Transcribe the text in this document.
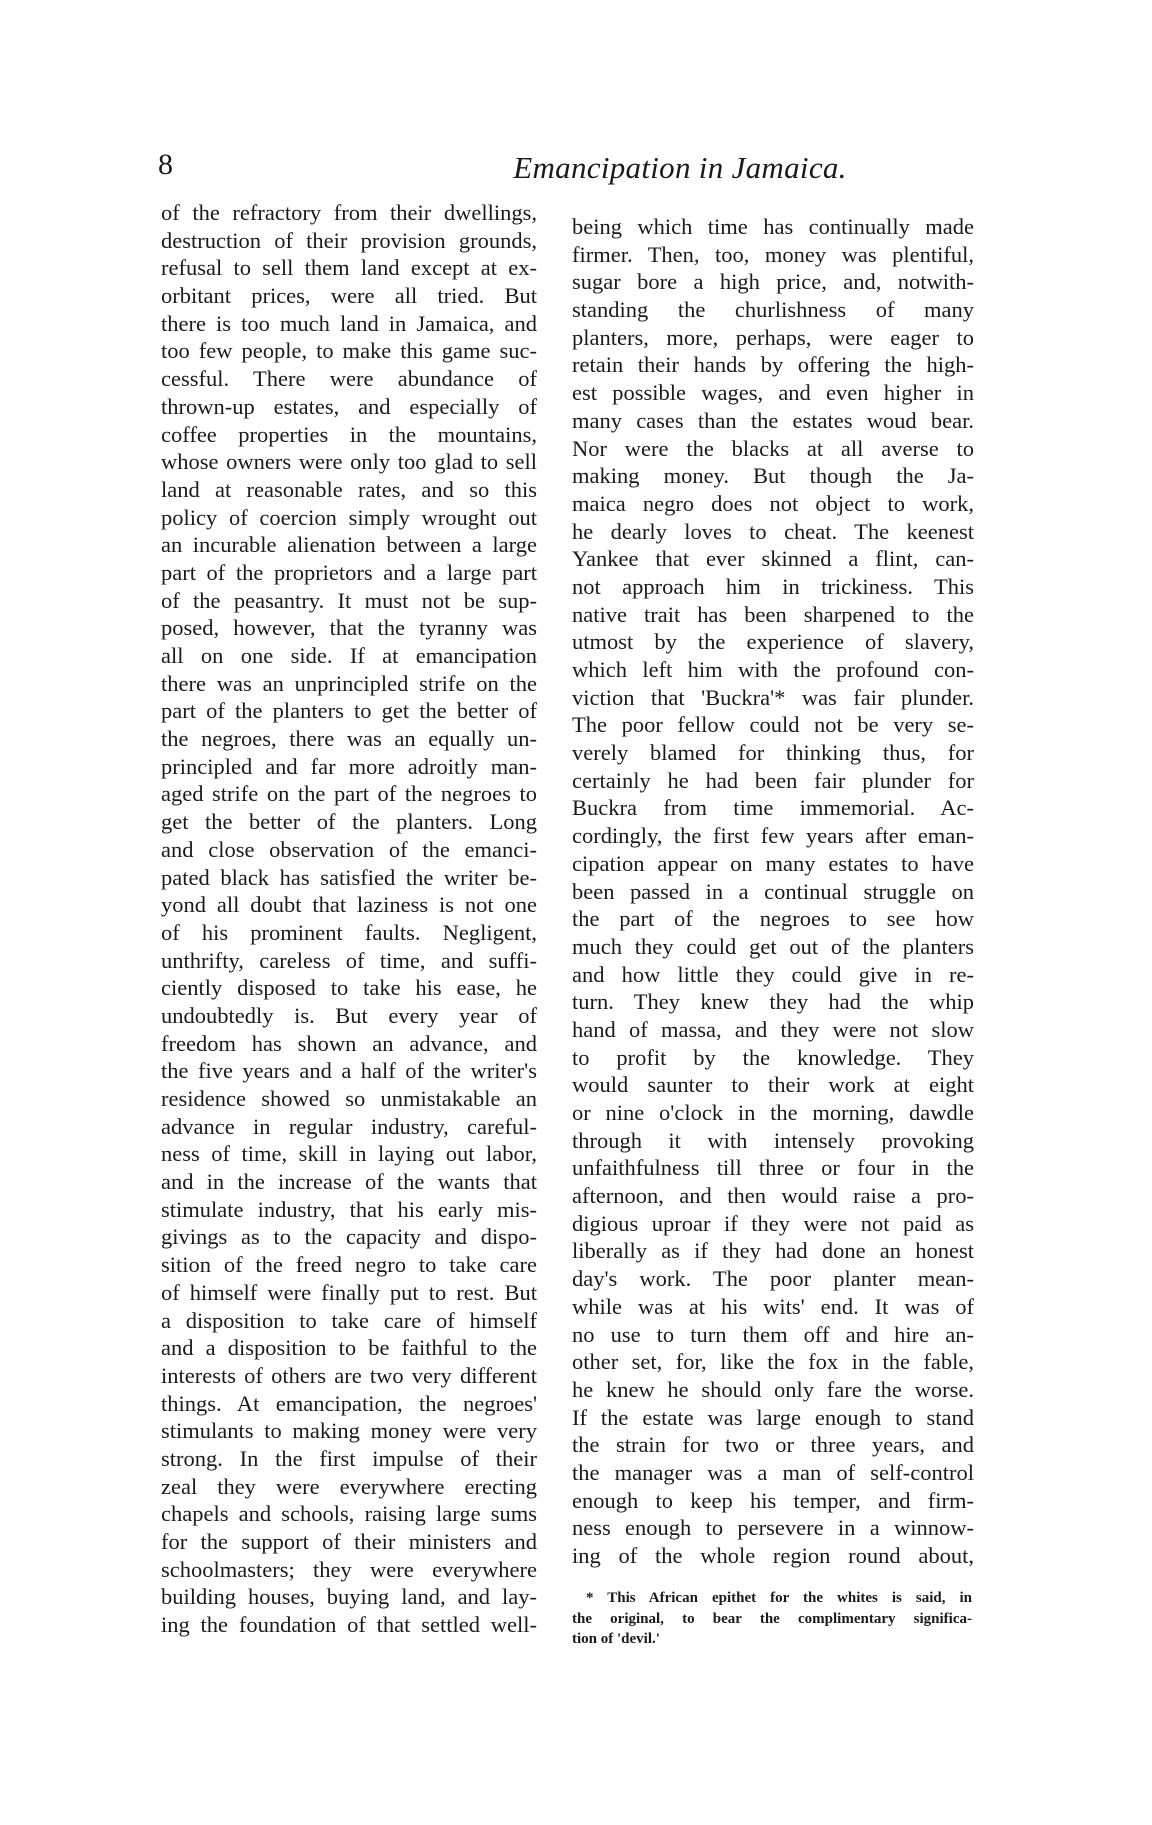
8	Emancipation in Jamaica.
of the refractory from their dwellings,
destruction of their provision grounds,
refusal to sell them land except at ex-
orbitant prices, were all tried. But
there is too much land in Jamaica, and
too few people, to make this game suc-
cessful. There were abundance of
thrown-up estates, and especially of
coffee properties in the mountains,
whose owners were only too glad to sell
land at reasonable rates, and so this
policy of coercion simply wrought out
an incurable alienation between a large
part of the proprietors and a large part
of the peasantry. It must not be sup-
posed, however, that the tyranny was
all on one side. If at emancipation
there was an unprincipled strife on the
part of the planters to get the better of
the negroes, there was an equally un-
principled and far more adroitly man-
aged strife on the part of the negroes to
get the better of the planters. Long
and close observation of the emanci-
pated black has satisfied the writer be-
yond all doubt that laziness is not one
of his prominent faults. Negligent,
unthrifty, careless of time, and suffi-
ciently disposed to take his ease, he
undoubtedly is. But every year of
freedom has shown an advance, and
the five years and a half of the writer's
residence showed so unmistakable an
advance in regular industry, careful-
ness of time, skill in laying out labor,
and in the increase of the wants that
stimulate industry, that his early mis-
givings as to the capacity and dispo-
sition of the freed negro to take care
of himself were finally put to rest. But
a disposition to take care of himself
and a disposition to be faithful to the
interests of others are two very different
things. At emancipation, the negroes'
stimulants to making money were very
strong. In the first impulse of their
zeal they were everywhere erecting
chapels and schools, raising large sums
for the support of their ministers and
schoolmasters; they were everywhere
building houses, buying land, and lay-
ing the foundation of that settled well-
being which time has continually made
firmer. Then, too, money was plentiful,
sugar bore a high price, and, notwith-
standing the churlishness of many
planters, more, perhaps, were eager to
retain their hands by offering the high-
est possible wages, and even higher in
many cases than the estates woud bear.
Nor were the blacks at all averse to
making money. But though the Ja-
maica negro does not object to work,
he dearly loves to cheat. The keenest
Yankee that ever skinned a flint, can-
not approach him in trickiness. This
native trait has been sharpened to the
utmost by the experience of slavery,
which left him with the profound con-
viction that 'Buckra'* was fair plunder.
The poor fellow could not be very se-
verely blamed for thinking thus, for
certainly he had been fair plunder for
Buckra from time immemorial. Ac-
cordingly, the first few years after eman-
cipation appear on many estates to have
been passed in a continual struggle on
the part of the negroes to see how
much they could get out of the planters
and how little they could give in re-
turn. They knew they had the whip
hand of massa, and they were not slow
to profit by the knowledge. They
would saunter to their work at eight
or nine o'clock in the morning, dawdle
through it with intensely provoking
unfaithfulness till three or four in the
afternoon, and then would raise a pro-
digious uproar if they were not paid as
liberally as if they had done an honest
day's work. The poor planter mean-
while was at his wits' end. It was of
no use to turn them off and hire an-
other set, for, like the fox in the fable,
he knew he should only fare the worse.
If the estate was large enough to stand
the strain for two or three years, and
the manager was a man of self-control
enough to keep his temper, and firm-
ness enough to persevere in a winnow-
ing of the whole region round about,
* This African epithet for the whites is said, in
the original, to bear the complimentary significa-
tion of 'devil.'
